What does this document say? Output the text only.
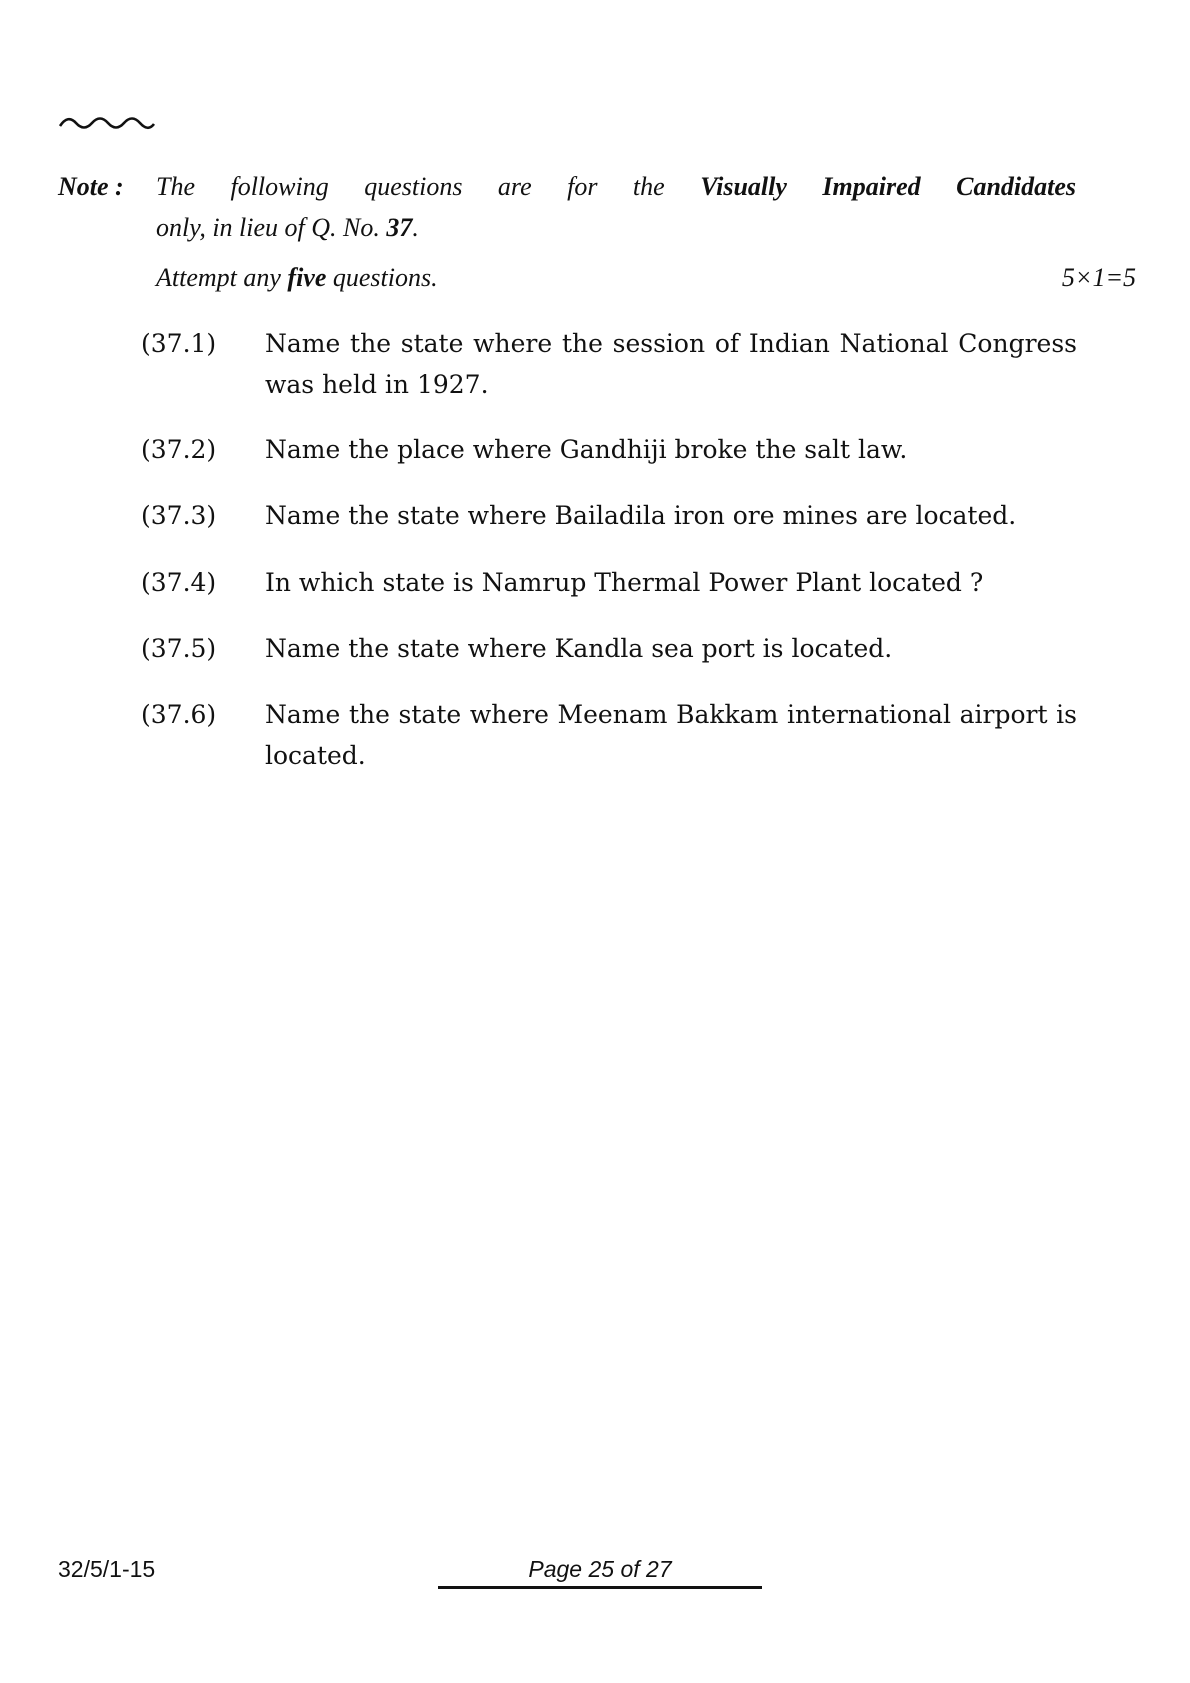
Note : The following questions are for the Visually Impaired Candidates
only, in lieu of Q. No. 37.
Attempt any five questions.	5×1=5
(37.1) Name the state where the session of Indian National Congress was held in 1927.
(37.2) Name the place where Gandhiji broke the salt law.
(37.3) Name the state where Bailadila iron ore mines are located.
(37.4) In which state is Namrup Thermal Power Plant located ?
(37.5) Name the state where Kandla sea port is located.
(37.6) Name the state where Meenam Bakkam international airport is located.
32/5/1-15	Page 25 of 27
